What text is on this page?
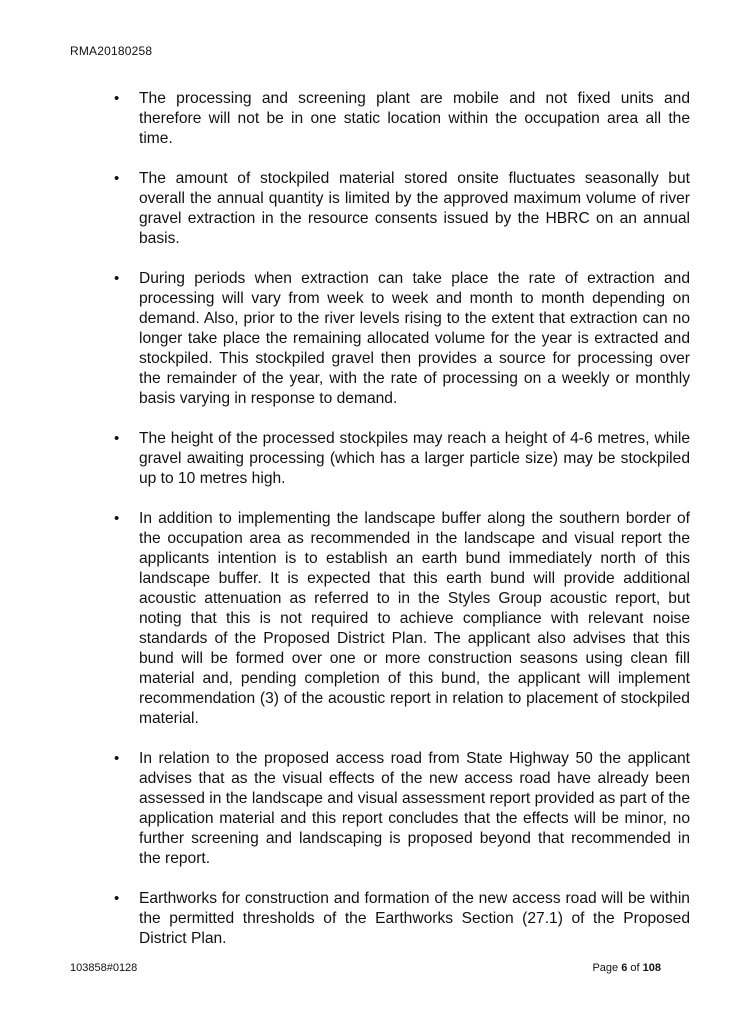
RMA20180258
• The processing and screening plant are mobile and not fixed units and therefore will not be in one static location within the occupation area all the time.
• The amount of stockpiled material stored onsite fluctuates seasonally but overall the annual quantity is limited by the approved maximum volume of river gravel extraction in the resource consents issued by the HBRC on an annual basis.
• During periods when extraction can take place the rate of extraction and processing will vary from week to week and month to month depending on demand. Also, prior to the river levels rising to the extent that extraction can no longer take place the remaining allocated volume for the year is extracted and stockpiled. This stockpiled gravel then provides a source for processing over the remainder of the year, with the rate of processing on a weekly or monthly basis varying in response to demand.
• The height of the processed stockpiles may reach a height of 4-6 metres, while gravel awaiting processing (which has a larger particle size) may be stockpiled up to 10 metres high.
• In addition to implementing the landscape buffer along the southern border of the occupation area as recommended in the landscape and visual report the applicants intention is to establish an earth bund immediately north of this landscape buffer. It is expected that this earth bund will provide additional acoustic attenuation as referred to in the Styles Group acoustic report, but noting that this is not required to achieve compliance with relevant noise standards of the Proposed District Plan. The applicant also advises that this bund will be formed over one or more construction seasons using clean fill material and, pending completion of this bund, the applicant will implement recommendation (3) of the acoustic report in relation to placement of stockpiled material.
• In relation to the proposed access road from State Highway 50 the applicant advises that as the visual effects of the new access road have already been assessed in the landscape and visual assessment report provided as part of the application material and this report concludes that the effects will be minor, no further screening and landscaping is proposed beyond that recommended in the report.
• Earthworks for construction and formation of the new access road will be within the permitted thresholds of the Earthworks Section (27.1) of the Proposed District Plan.
103858#0128	Page 6 of 108
